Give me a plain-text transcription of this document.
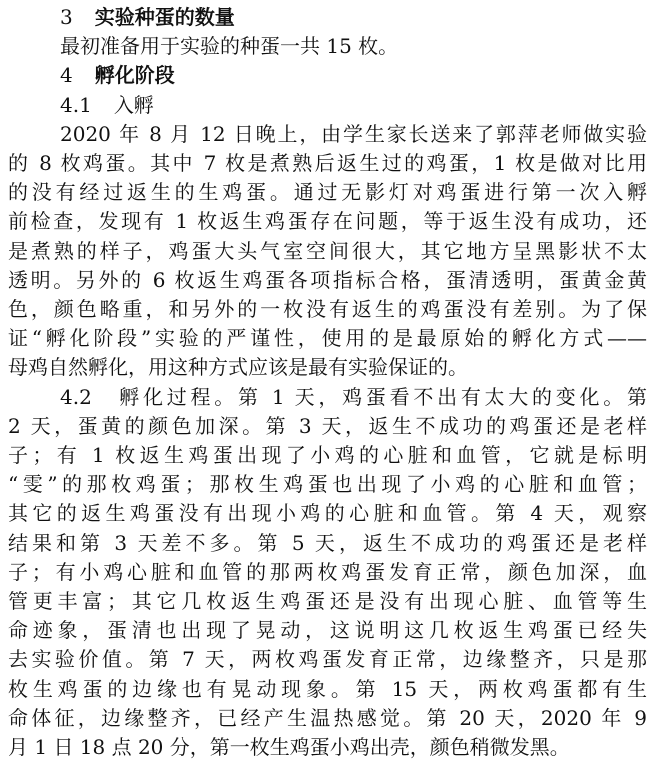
3 实验种蛋的数量
最初准备用于实验的种蛋一共 15 枚。
4 孵化阶段
4.1 入孵
2020 年 8 月 12 日晚上，由学生家长送来了郭萍老师做实验
的 8 枚鸡蛋。其中 7 枚是煮熟后返生过的鸡蛋，1 枚是做对比用
的没有经过返生的生鸡蛋。通过无影灯对鸡蛋进行第一次入孵
前检查，发现有 1 枚返生鸡蛋存在问题，等于返生没有成功，还
是煮熟的样子，鸡蛋大头气室空间很大，其它地方呈黑影状不太
透明。另外的 6 枚返生鸡蛋各项指标合格，蛋清透明，蛋黄金黄
色，颜色略重，和另外的一枚没有返生的鸡蛋没有差别。为了保
证“孵化阶段”实验的严谨性，使用的是最原始的孵化方式——
母鸡自然孵化，用这种方式应该是最有实验保证的。
4.2　孵化过程。第 1 天，鸡蛋看不出有太大的变化。第
2 天，蛋黄的颜色加深。第 3 天，返生不成功的鸡蛋还是老样
子；有 1 枚返生鸡蛋出现了小鸡的心脏和血管，它就是标明
“雯”的那枚鸡蛋；那枚生鸡蛋也出现了小鸡的心脏和血管；
其它的返生鸡蛋没有出现小鸡的心脏和血管。第 4 天，观察
结果和第 3 天差不多。第 5 天，返生不成功的鸡蛋还是老样
子；有小鸡心脏和血管的那两枚鸡蛋发育正常，颜色加深，血
管更丰富；其它几枚返生鸡蛋还是没有出现心脏、血管等生
命迹象，蛋清也出现了晃动，这说明这几枚返生鸡蛋已经失
去实验价值。第 7 天，两枚鸡蛋发育正常，边缘整齐，只是那
枚生鸡蛋的边缘也有晃动现象。第 15 天，两枚鸡蛋都有生
命体征，边缘整齐，已经产生温热感觉。第 20 天，2020 年 9
月 1 日 18 点 20 分，第一枚生鸡蛋小鸡出壳，颜色稍微发黑。
